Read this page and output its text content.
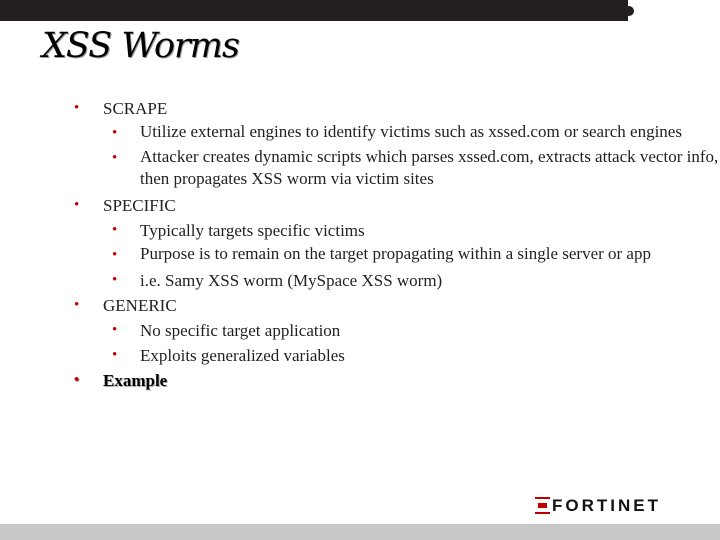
XSS Worms
• SCRAPE
• Utilize external engines to identify victims such as xssed.com or search engines
• Attacker creates dynamic scripts which parses xssed.com, extracts attack vector info, then propagates XSS worm via victim sites
• SPECIFIC
• Typically targets specific victims
• Purpose is to remain on the target propagating within a single server or app
• i.e. Samy XSS worm (MySpace XSS worm)
• GENERIC
• No specific target application
• Exploits generalized variables
• Example
FORTINET
